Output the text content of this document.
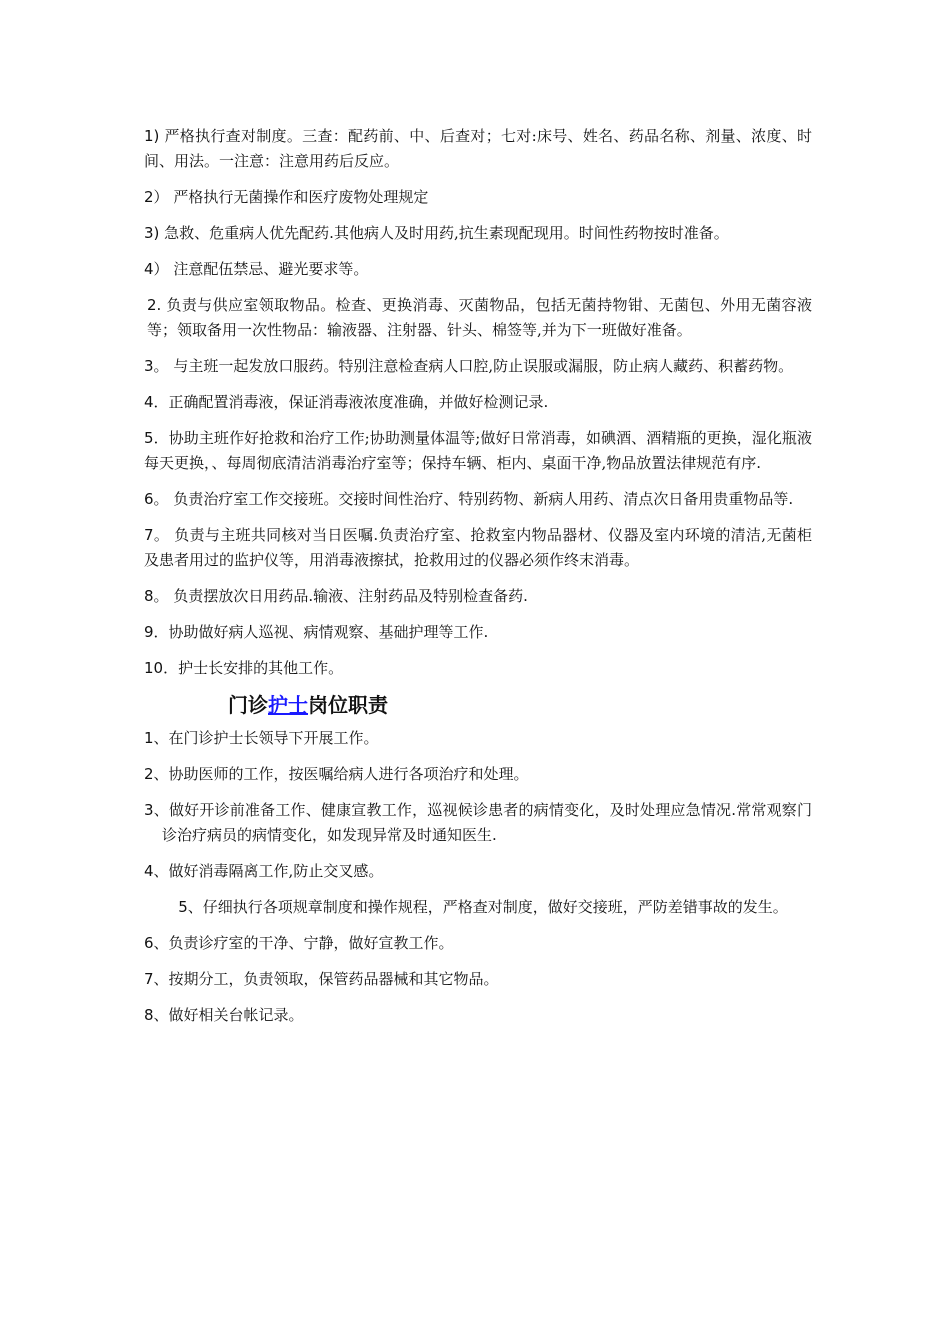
1) 严格执行查对制度。三查：配药前、中、后查对；七对:床号、姓名、药品名称、剂量、浓度、时间、用法。一注意：注意用药后反应。

2） 严格执行无菌操作和医疗废物处理规定

3) 急救、危重病人优先配药.其他病人及时用药,抗生素现配现用。时间性药物按时准备。

4） 注意配伍禁忌、避光要求等。

2. 负责与供应室领取物品。检查、更换消毒、灭菌物品，包括无菌持物钳、无菌包、外用无菌容液等；领取备用一次性物品：输液器、注射器、针头、棉签等,并为下一班做好准备。

3。 与主班一起发放口服药。特别注意检查病人口腔,防止误服或漏服，防止病人藏药、积蓄药物。

4．正确配置消毒液，保证消毒液浓度准确，并做好检测记录.

5．协助主班作好抢救和治疗工作;协助测量体温等;做好日常消毒，如碘酒、酒精瓶的更换，湿化瓶液每天更换，、每周彻底清洁消毒治疗室等；保持车辆、柜内、桌面干净,物品放置法律规范有序.

6。 负责治疗室工作交接班。交接时间性治疗、特别药物、新病人用药、清点次日备用贵重物品等.

7。 负责与主班共同核对当日医嘱.负责治疗室、抢救室内物品器材、仪器及室内环境的清洁,无菌柜及患者用过的监护仪等，用消毒液擦拭，抢救用过的仪器必须作终末消毒。

8。 负责摆放次日用药品.输液、注射药品及特别检查备药.

9．协助做好病人巡视、病情观察、基础护理等工作.

10．护士长安排的其他工作。

门诊护士岗位职责

1、在门诊护士长领导下开展工作。

2、协助医师的工作，按医嘱给病人进行各项治疗和处理。

3、做好开诊前准备工作、健康宣教工作，巡视候诊患者的病情变化，及时处理应急情况.常常观察门诊治疗病员的病情变化，如发现异常及时通知医生.

4、做好消毒隔离工作,防止交叉感。

5、仔细执行各项规章制度和操作规程，严格查对制度，做好交接班，严防差错事故的发生。

6、负责诊疗室的干净、宁静，做好宣教工作。

7、按期分工，负责领取，保管药品器械和其它物品。

8、做好相关台帐记录。
